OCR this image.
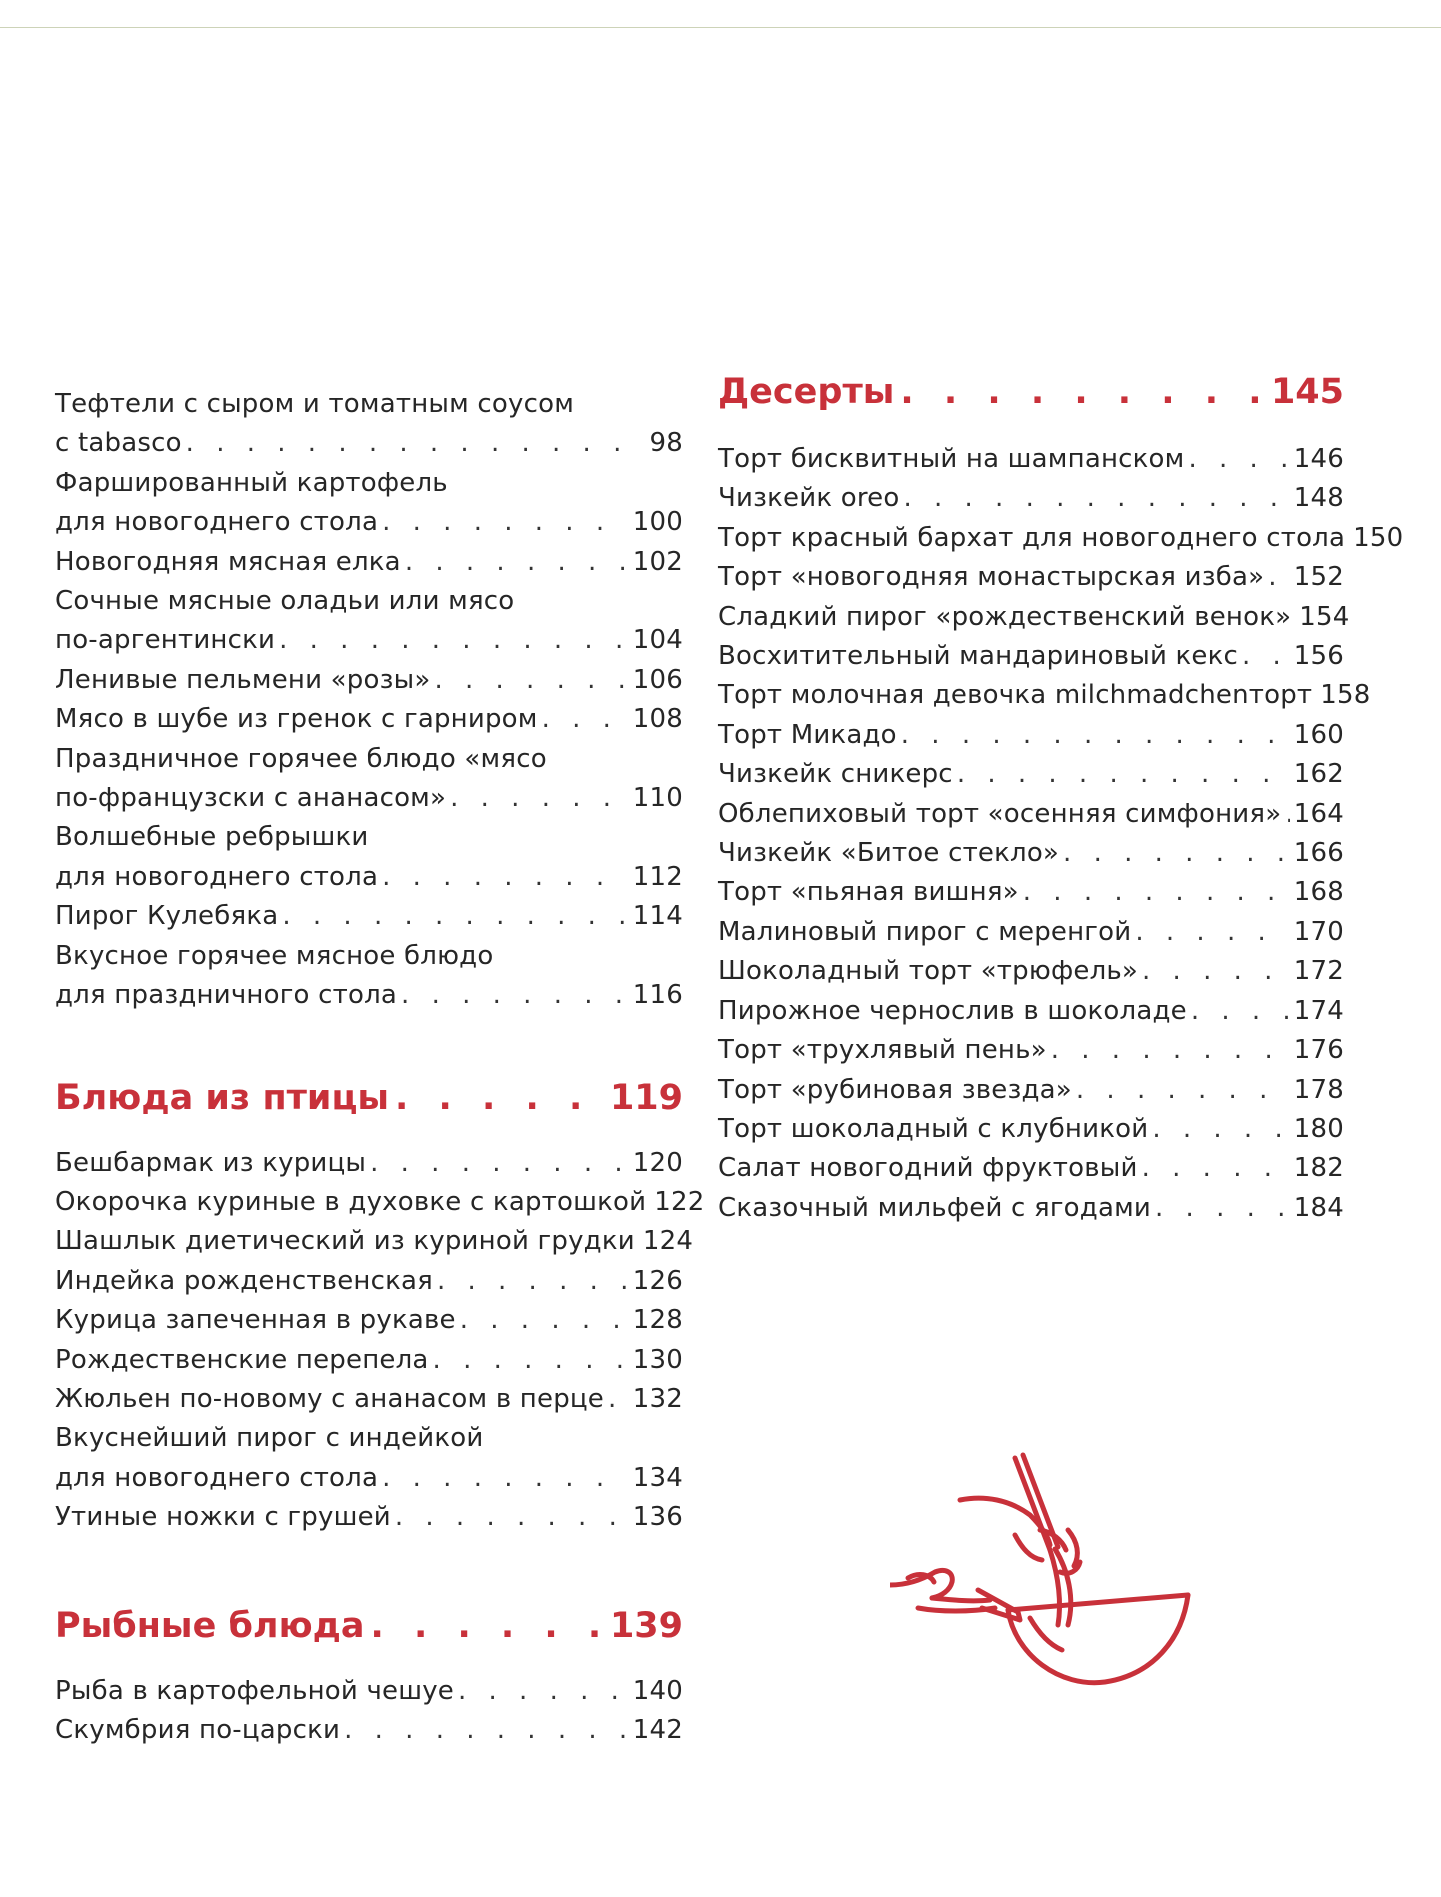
Тефтели с сыром и томатным соусом
с tabasco . . .	98
Фаршированный картофель
для новогоднего стола . . .	100
Новогодняя мясная елка . . .	102
Сочные мясные оладьи или мясо
по-аргентински . . .	104
Ленивые пельмени «розы» . . .	106
Мясо в шубе из гренок с гарниром . . .	108
Праздничное горячее блюдо «мясо
по-французски с ананасом» . . .	110
Волшебные ребрышки
для новогоднего стола . . .	112
Пирог Кулебяка . . .	114
Вкусное горячее мясное блюдо
для праздничного стола . . .	116
Блюда из птицы . . .	119
Бешбармак из курицы . . .	120
Окорочка куриные в духовке с картошкой 122
Шашлык диетический из куриной грудки 124
Индейка рожденственская . . .	126
Курица запеченная в рукаве . . .	128
Рождественские перепела . . .	130
Жюльен по-новому с ананасом в перце . . . 132
Вкуснейший пирог с индейкой
для новогоднего стола . . .	134
Утиные ножки с грушей . . .	136
Рыбные блюда . . .	139
Рыба в картофельной чешуе . . .	140
Скумбрия по-царски . . .	142
Десерты . . .	145
Торт бисквитный на шампанском . . .	146
Чизкейк oreo . . .	148
Торт красный бархат для новогоднего стола 150
Торт «новогодняя монастырская изба» . . . 152
Сладкий пирог «рождественский венок» 154
Восхитительный мандариновый кекс . . . 156
Торт молочная девочка milchmadchenторт 158
Торт Микадо . . .	160
Чизкейк сникерс . . .	162
Облепиховый торт «осенняя симфония» . . . 164
Чизкейк «Битое стекло» . . .	166
Торт «пьяная вишня» . . .	168
Малиновый пирог с меренгой . . .	170
Шоколадный торт «трюфель» . . .	172
Пирожное чернослив в шоколаде . . .	174
Торт «трухлявый пень» . . .	176
Торт «рубиновая звезда» . . .	178
Торт шоколадный с клубникой . . .	180
Салат новогодний фруктовый . . .	182
Сказочный мильфей с ягодами . . .	184
